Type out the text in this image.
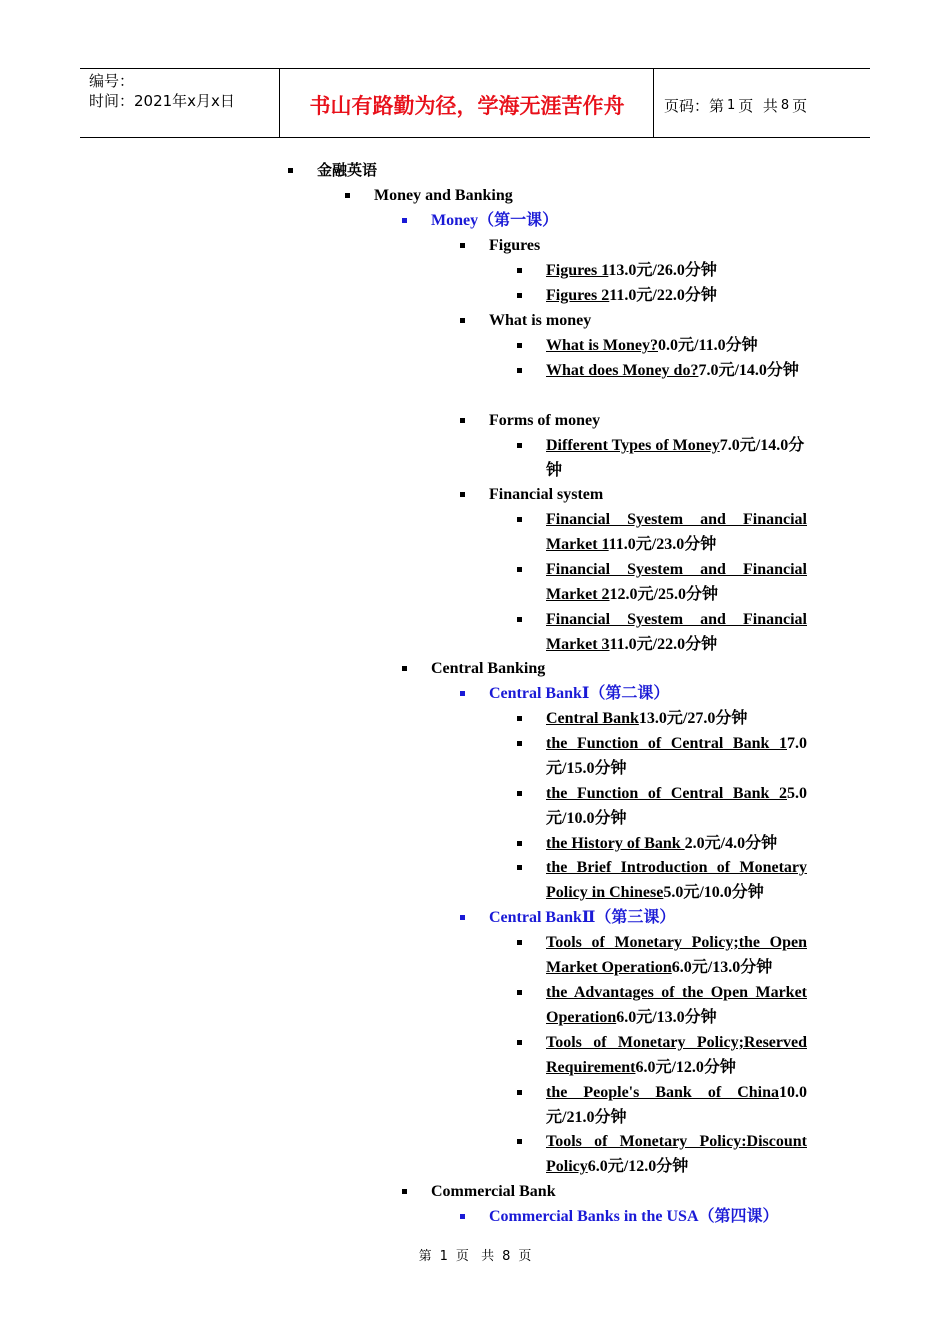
编号：
时间：2021年x月x日	书山有路勤为径，学海无涯苦作舟	页码：第 1 页  共 8 页
金融英语
Money and Banking
Money（第一课）
Figures
Figures 113.0元/26.0分钟
Figures 211.0元/22.0分钟
What is money
What is Money?0.0元/11.0分钟
What does Money do?7.0元/14.0分钟
Forms of money
Different Types of Money7.0元/14.0分钟
Financial system
Financial Syestem and Financial Market 111.0元/23.0分钟
Financial Syestem and Financial Market 212.0元/25.0分钟
Financial Syestem and Financial Market 311.0元/22.0分钟
Central Banking
Central BankⅠ（第二课）
Central Bank13.0元/27.0分钟
the Function of Central Bank 17.0元/15.0分钟
the Function of Central Bank 25.0元/10.0分钟
the History of Bank 2.0元/4.0分钟
the Brief Introduction of Monetary Policy in Chinese5.0元/10.0分钟
Central BankⅡ（第三课）
Tools of Monetary Policy;the Open Market Operation6.0元/13.0分钟
the Advantages of the Open Market Operation6.0元/13.0分钟
Tools of Monetary Policy;Reserved Requirement6.0元/12.0分钟
the People's Bank of China10.0元/21.0分钟
Tools of Monetary Policy:Discount Policy6.0元/12.0分钟
Commercial Bank
Commercial Banks in the USA（第四课）
第 1 页 共 8 页
